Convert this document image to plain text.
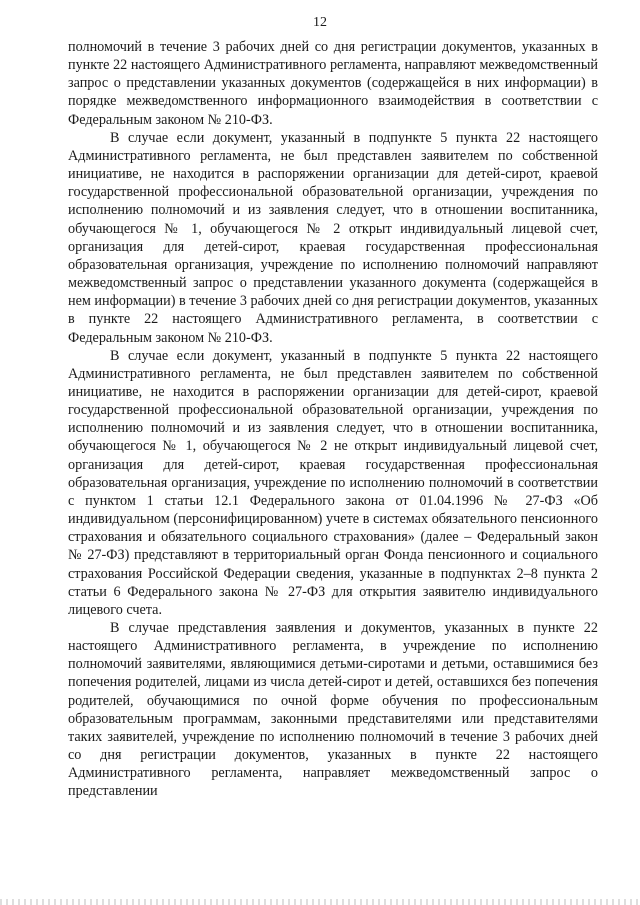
12

полномочий в течение 3 рабочих дней со дня регистрации документов, указанных в пункте 22 настоящего Административного регламента, направляют межведомственный запрос о представлении указанных документов (содержащейся в них информации) в порядке межведомственного информационного взаимодействия в соответствии с Федеральным законом № 210-ФЗ.

В случае если документ, указанный в подпункте 5 пункта 22 настоящего Административного регламента, не был представлен заявителем по собственной инициативе, не находится в распоряжении организации для детей-сирот, краевой государственной профессиональной образовательной организации, учреждения по исполнению полномочий и из заявления следует, что в отношении воспитанника, обучающегося № 1, обучающегося № 2 открыт индивидуальный лицевой счет, организация для детей-сирот, краевая государственная профессиональная образовательная организация, учреждение по исполнению полномочий направляют межведомственный запрос о представлении указанного документа (содержащейся в нем информации) в течение 3 рабочих дней со дня регистрации документов, указанных в пункте 22 настоящего Административного регламента, в соответствии с Федеральным законом № 210-ФЗ.

В случае если документ, указанный в подпункте 5 пункта 22 настоящего Административного регламента, не был представлен заявителем по собственной инициативе, не находится в распоряжении организации для детей-сирот, краевой государственной профессиональной образовательной организации, учреждения по исполнению полномочий и из заявления следует, что в отношении воспитанника, обучающегося № 1, обучающегося № 2 не открыт индивидуальный лицевой счет, организация для детей-сирот, краевая государственная профессиональная образовательная организация, учреждение по исполнению полномочий в соответствии с пунктом 1 статьи 12.1 Федерального закона от 01.04.1996 № 27-ФЗ «Об индивидуальном (персонифицированном) учете в системах обязательного пенсионного страхования и обязательного социального страхования» (далее – Федеральный закон № 27-ФЗ) представляют в территориальный орган Фонда пенсионного и социального страхования Российской Федерации сведения, указанные в подпунктах 2–8 пункта 2 статьи 6 Федерального закона № 27-ФЗ для открытия заявителю индивидуального лицевого счета.

В случае представления заявления и документов, указанных в пункте 22 настоящего Административного регламента, в учреждение по исполнению полномочий заявителями, являющимися детьми-сиротами и детьми, оставшимися без попечения родителей, лицами из числа детей-сирот и детей, оставшихся без попечения родителей, обучающимися по очной форме обучения по профессиональным образовательным программам, законными представителями или представителями таких заявителей, учреждение по исполнению полномочий в течение 3 рабочих дней со дня регистрации документов, указанных в пункте 22 настоящего Административного регламента, направляет межведомственный запрос о представлении
